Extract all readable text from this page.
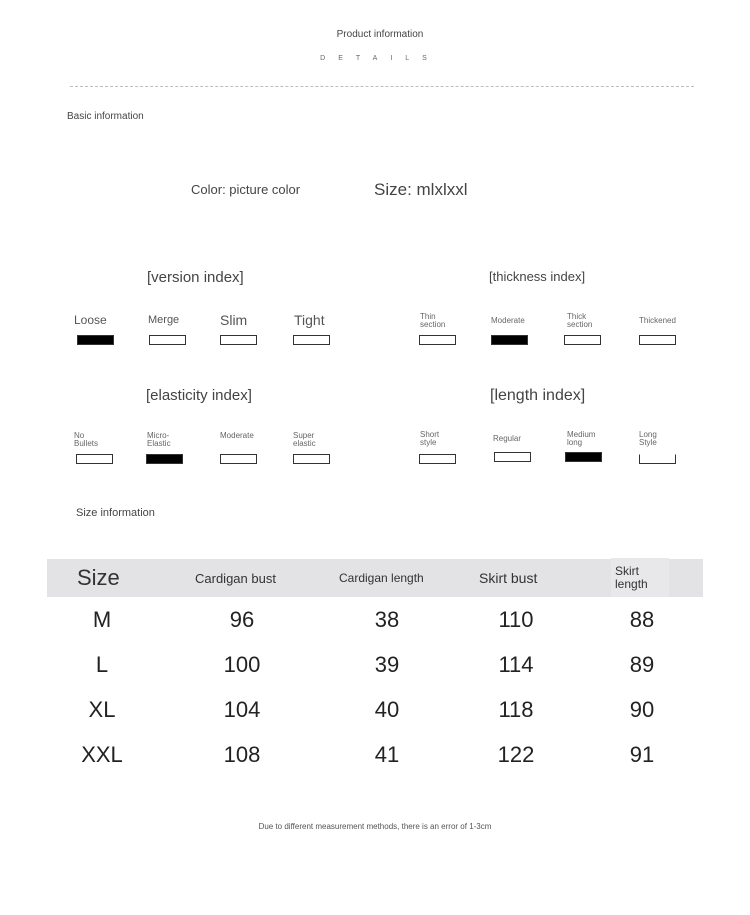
Product information
DETAILS
Basic information
Color: picture color	Size: mlxlxxl
[version index]
Loose	Merge	Slim	Tight
[thickness index]
Thin section	Moderate	Thick section	Thickened
[elasticity index]
No Bullets
Micro-Elastic
Moderate	Super elastic
[length index]
Short style	Regular	Medium long
Long Style
Size information
Size	Cardigan bust	Cardigan length	Skirt bust	Skirt length
M	96	38	110	88
L	100	39	114	89
XL	104	40	118	90
XXL	108	41	122	91
Due to different measurement methods, there is an error of 1-3cm
